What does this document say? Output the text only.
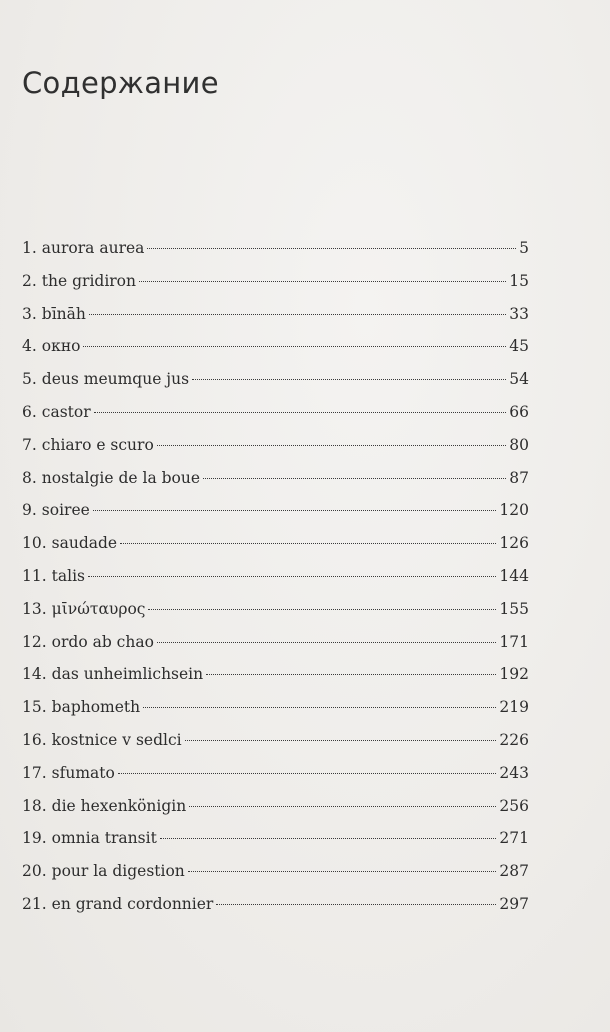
Содержание
1. aurora aurea	5
2. the gridiron	15
3. bīnāh	33
4. окно	45
5. deus meumque jus	54
6. castor	66
7. chiaro e scuro	80
8. nostalgie de la boue	87
9. soiree	120
10. saudade	126
11. talis	144
13. μῑνώταυρος	155
12. ordo ab chao	171
14. das unheimlichsein	192
15. baphometh	219
16. kostnice v sedlci	226
17. sfumato	243
18. die hexenkönigin	256
19. omnia transit	271
20. pour la digestion	287
21. en grand cordonnier	297
